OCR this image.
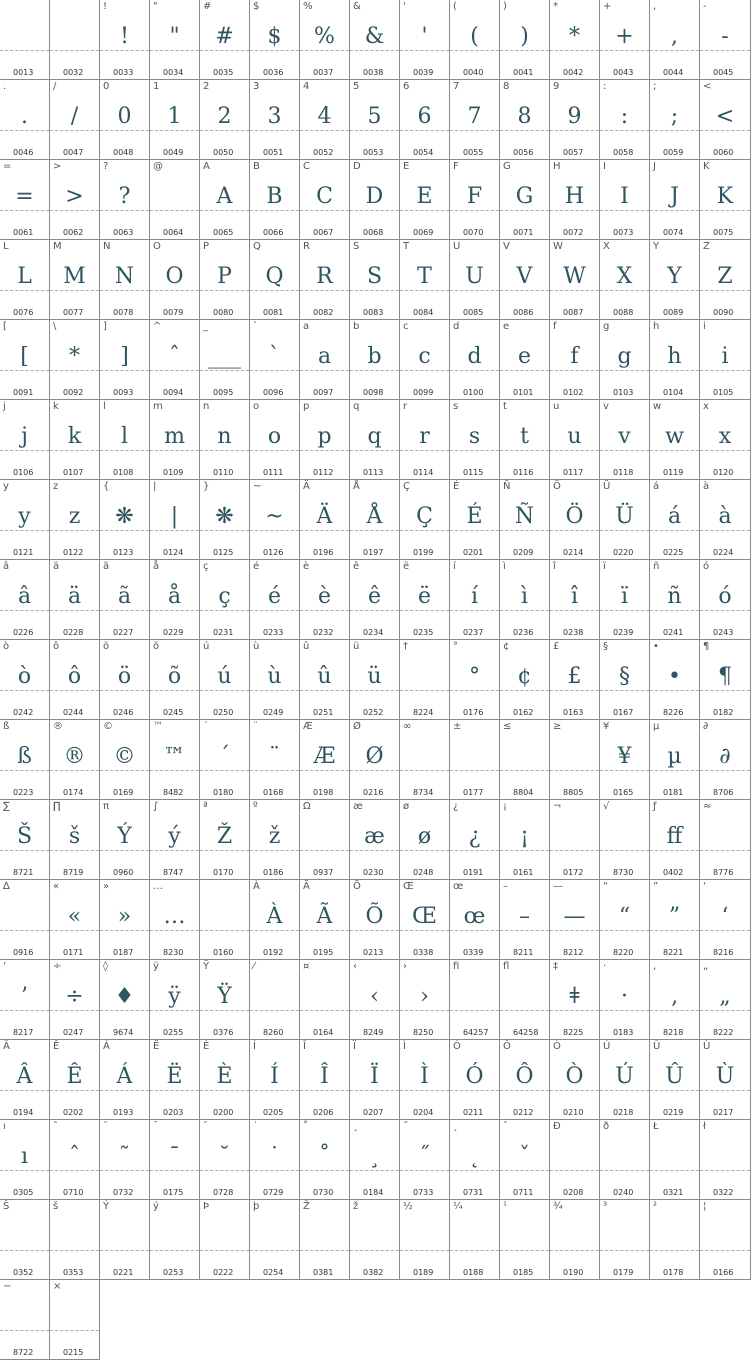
0013	0032
!
!
0033
"
"
0034
#
#
0035
$
$
0036
%
%
0037
&
&
0038
'
'
0039
(
(
0040
)
)
0041
*
*
0042
+
+
0043
,
,
0044
-
-
0045
.
.
0046
/
/
0047
0
0
0048
1
1
0049
2
2
0050
3
3
0051
4
4
0052
5
5
0053
6
6
0054
7
7
0055
8
8
0056
9
9
0057
:
:
0058
;
;
0059
<
<
0060
=
=
0061
>
>
0062
?
?
0063
@
0064
A
A
0065
B
B
0066
C
C
0067
D
D
0068
E
E
0069
F
F
0070
G
G
0071
H
H
0072
I
I
0073
J
J
0074
K
K
0075
L
L
0076
M
M
0077
N
N
0078
O
O
0079
P
P
0080
Q
Q
0081
R
R
0082
S
S
0083
T
T
0084
U
U
0085
V
V
0086
W
W
0087
X
X
0088
Y
Y
0089
Z
Z
0090
[
[
0091
\
*
0092
]
]
0093
^
ˆ
0094
_
___
0095
`
`
0096
a
a
0097
b
b
0098
c
c
0099
d
d
0100
e
e
0101
f
f
0102
g
g
0103
h
h
0104
i
i
0105
j
j
0106
k
k
0107
l
l
0108
m
m
0109
n
n
0110
o
o
0111
p
p
0112
q
q
0113
r
r
0114
s
s
0115
t
t
0116
u
u
0117
v
v
0118
w
w
0119
x
x
0120
y
y
0121
z
z
0122
{
❋
0123
|
|
0124
}
❋
0125
~
~
0126
Ä
Ä
0196
Å
Å
0197
Ç
Ç
0199
É
É
0201
Ñ
Ñ
0209
Ö
Ö
0214
Ü
Ü
0220
á
á
0225
à
à
0224
â
â
0226
ä
ä
0228
ã
ã
0227
å
å
0229
ç
ç
0231
é
é
0233
è
è
0232
ê
ê
0234
ë
ë
0235
í
í
0237
ì
ì
0236
î
î
0238
ï
ï
0239
ñ
ñ
0241
ó
ó
0243
ò
ò
0242
ô
ô
0244
ö
ö
0246
õ
õ
0245
ú
ú
0250
ù
ù
0249
û
û
0251
ü
ü
0252
†
8224
°
°
0176
¢
¢
0162
£
£
0163
§
§
0167
•
•
8226
¶
¶
0182
ß
ß
0223
®
®
0174
©
©
0169
™
™
8482
´
´
0180
¨
¨
0168
Æ
Æ
0198
Ø
Ø
0216
∞
8734
±
0177
≤
8804
≥
8805
¥
¥
0165
µ
µ
0181
∂
∂
8706
∑
Š
8721
∏
š
8719
π
Ý
0960
∫
ý
8747
ª
Ž
0170
º
ž
0186
Ω
0937
æ
æ
0230
ø
ø
0248
¿
¿
0191
¡
¡
0161
¬
0172
√
8730
ƒ
ff
0402
≈
8776
∆
0916
«
«
0171
»
»
0187
…
…
8230	0160
À
À
0192
Ã
Ã
0195
Õ
Õ
0213
Œ
Œ
0338
œ
œ
0339
–
–
8211
—
—
8212
“
“
8220
”
”
8221
‘
‘
8216
’
’
8217
÷
÷
0247
◊
♦
9674
ÿ
ÿ
0255
Ÿ
Ÿ
0376
⁄
8260
¤
0164
‹
‹
8249
›
›
8250
ﬁ
64257
ﬂ
64258
‡
ǂ
8225
·
·
0183
‚
‚
8218
„
„
8222
Â
Â
0194
Ê
Ê
0202
Á
Á
0193
Ë
Ë
0203
È
È
0200
Í
Í
0205
Î
Î
0206
Ï
Ï
0207
Ì
Ì
0204
Ó
Ó
0211
Ô
Ô
0212
Ò
Ò
0210
Ú
Ú
0218
Û
Û
0219
Ù
Ù
0217
ı
ı
0305
ˆ
ˆ
0710
˜
˜
0732
¯
¯
0175
˘
˘
0728
˙
˙
0729
˚
˚
0730
¸
¸
0184
˝
˝
0733
˛
˛
0731
ˇ
ˇ
0711
Ð
0208
ð
0240
Ł
0321
ł
0322
Š
0352
š
0353
Ý
0221
ý
0253
Þ
0222
þ
0254
Ž
0381
ž
0382
½
0189
¼
0188
¹
0185
¾
0190
³
0179
²
0178
¦
0166
−
8722
×
0215
